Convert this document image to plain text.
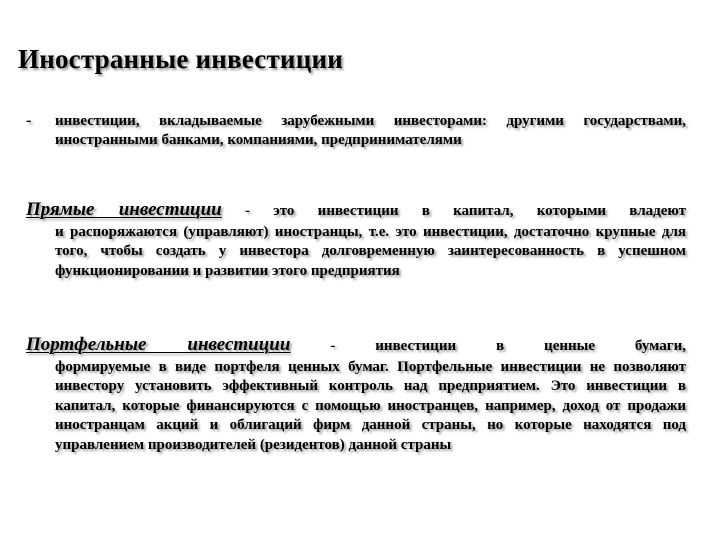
Иностранные инвестиции
- инвестиции, вкладываемые зарубежными инвесторами: другими государствами, иностранными банками, компаниями, предпринимателями
Прямые инвестиции - это инвестиции в капитал, которыми владеют
и распоряжаются (управляют) иностранцы, т.е. это инвестиции, достаточно крупные для того, чтобы создать у инвестора долговременную заинтересованность в успешном функционировании и развитии этого предприятия
Портфельные инвестиции - инвестиции в ценные бумаги,
формируемые в виде портфеля ценных бумаг. Портфельные инвестиции не позволяют инвестору установить эффективный контроль над предприятием. Это инвестиции в капитал, которые финансируются с помощью иностранцев, например, доход от продажи иностранцам акций и облигаций фирм данной страны, но которые находятся под управлением производителей (резидентов) данной страны
